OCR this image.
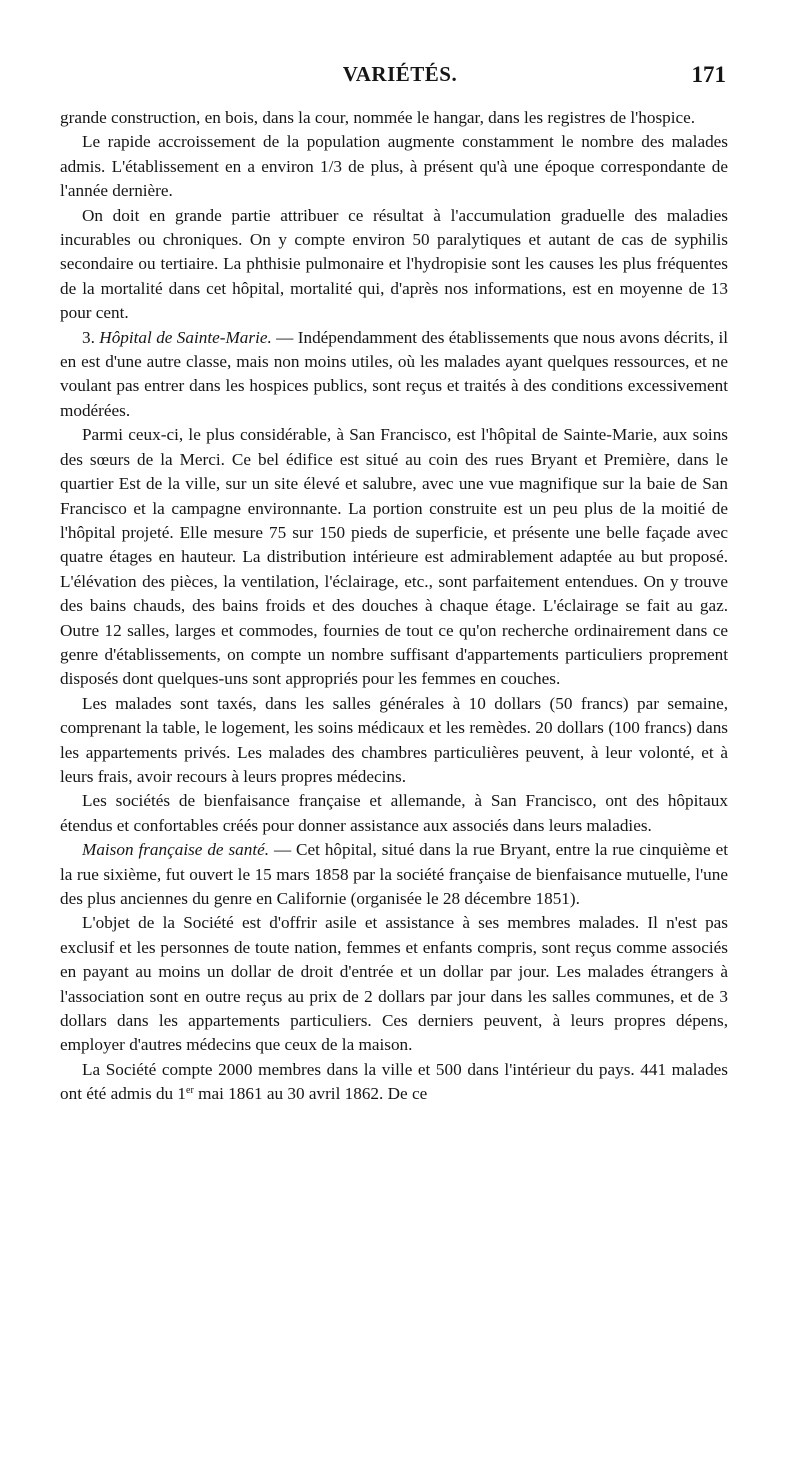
VARIÉTÉS.	171

grande construction, en bois, dans la cour, nommée le hangar, dans les registres de l'hospice.

Le rapide accroissement de la population augmente constamment le nombre des malades admis. L'établissement en a environ 1/3 de plus, à présent qu'à une époque correspondante de l'année dernière.

On doit en grande partie attribuer ce résultat à l'accumulation graduelle des maladies incurables ou chroniques. On y compte environ 50 paralytiques et autant de cas de syphilis secondaire ou tertiaire. La phthisie pulmonaire et l'hydropisie sont les causes les plus fréquentes de la mortalité dans cet hôpital, mortalité qui, d'après nos informations, est en moyenne de 13 pour cent.

3. Hôpital de Sainte-Marie. — Indépendamment des établissements que nous avons décrits, il en est d'une autre classe, mais non moins utiles, où les malades ayant quelques ressources, et ne voulant pas entrer dans les hospices publics, sont reçus et traités à des conditions excessivement modérées.

Parmi ceux-ci, le plus considérable, à San Francisco, est l'hôpital de Sainte-Marie, aux soins des sœurs de la Merci. Ce bel édifice est situé au coin des rues Bryant et Première, dans le quartier Est de la ville, sur un site élevé et salubre, avec une vue magnifique sur la baie de San Francisco et la campagne environnante. La portion construite est un peu plus de la moitié de l'hôpital projeté. Elle mesure 75 sur 150 pieds de superficie, et présente une belle façade avec quatre étages en hauteur. La distribution intérieure est admirablement adaptée au but proposé. L'élévation des pièces, la ventilation, l'éclairage, etc., sont parfaitement entendues. On y trouve des bains chauds, des bains froids et des douches à chaque étage. L'éclairage se fait au gaz. Outre 12 salles, larges et commodes, fournies de tout ce qu'on recherche ordinairement dans ce genre d'établissements, on compte un nombre suffisant d'appartements particuliers proprement disposés dont quelques-uns sont appropriés pour les femmes en couches.

Les malades sont taxés, dans les salles générales à 10 dollars (50 francs) par semaine, comprenant la table, le logement, les soins médicaux et les remèdes. 20 dollars (100 francs) dans les appartements privés. Les malades des chambres particulières peuvent, à leur volonté, et à leurs frais, avoir recours à leurs propres médecins.

Les sociétés de bienfaisance française et allemande, à San Francisco, ont des hôpitaux étendus et confortables créés pour donner assistance aux associés dans leurs maladies.

Maison française de santé. — Cet hôpital, situé dans la rue Bryant, entre la rue cinquième et la rue sixième, fut ouvert le 15 mars 1858 par la société française de bienfaisance mutuelle, l'une des plus anciennes du genre en Californie (organisée le 28 décembre 1851).

L'objet de la Société est d'offrir asile et assistance à ses membres malades. Il n'est pas exclusif et les personnes de toute nation, femmes et enfants compris, sont reçus comme associés en payant au moins un dollar de droit d'entrée et un dollar par jour. Les malades étrangers à l'association sont en outre reçus au prix de 2 dollars par jour dans les salles communes, et de 3 dollars dans les appartements particuliers. Ces derniers peuvent, à leurs propres dépens, employer d'autres médecins que ceux de la maison.

La Société compte 2000 membres dans la ville et 500 dans l'intérieur du pays. 441 malades ont été admis du 1er mai 1861 au 30 avril 1862. De ce
